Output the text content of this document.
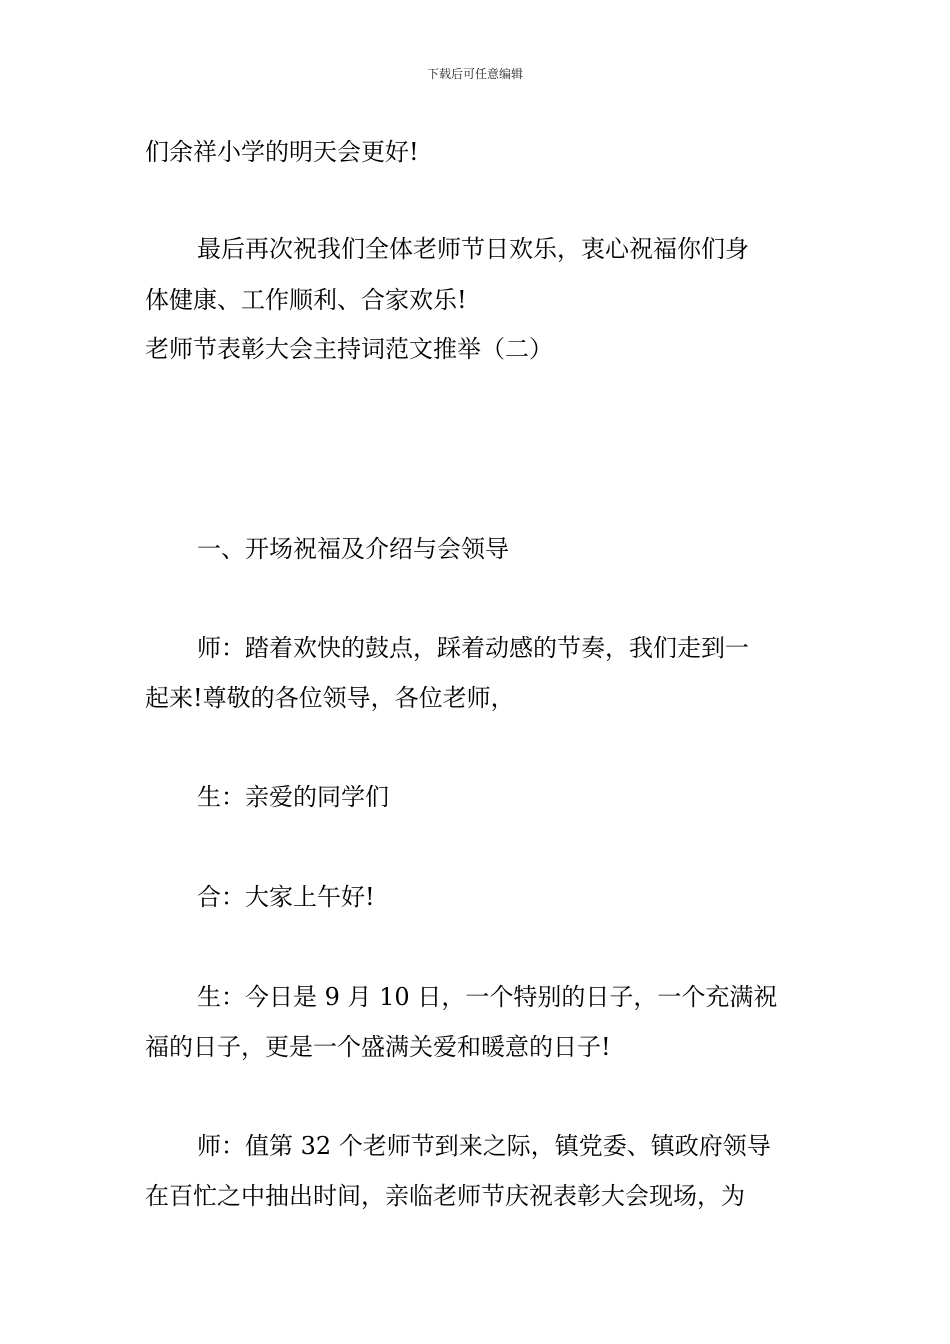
下载后可任意编辑
们余祥小学的明天会更好!
最后再次祝我们全体老师节日欢乐，衷心祝福你们身
体健康、工作顺利、合家欢乐!
老师节表彰大会主持词范文推举（二）
一、开场祝福及介绍与会领导
师：踏着欢快的鼓点，踩着动感的节奏，我们走到一
起来!尊敬的各位领导，各位老师，
生：亲爱的同学们
合：大家上午好!
生：今日是 9 月 10 日，一个特别的日子，一个充满祝
福的日子，更是一个盛满关爱和暖意的日子!
师：值第 32 个老师节到来之际，镇党委、镇政府领导
在百忙之中抽出时间，亲临老师节庆祝表彰大会现场，为
